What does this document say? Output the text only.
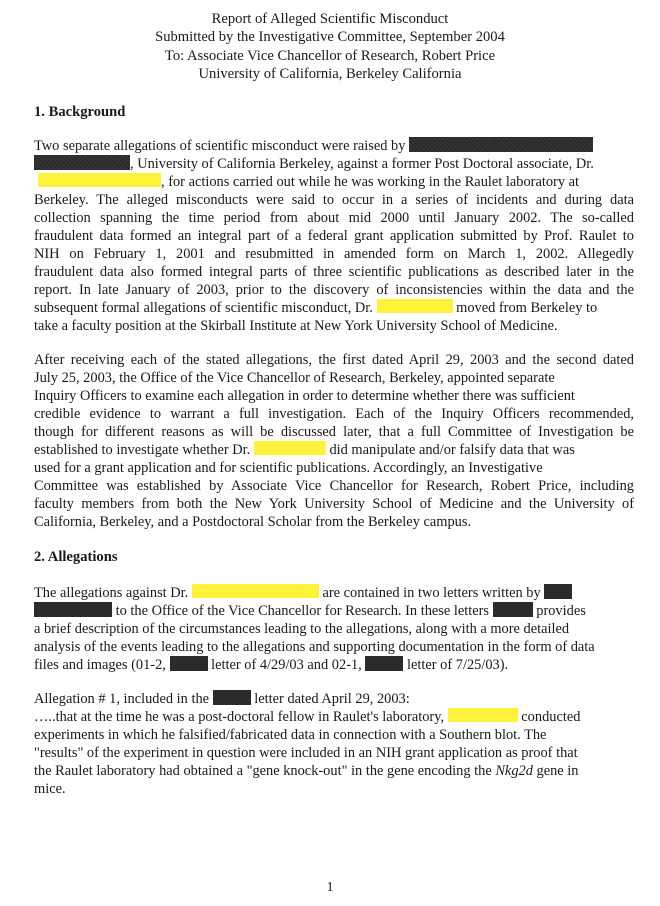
Report of Alleged Scientific Misconduct
Submitted by the Investigative Committee, September 2004
To: Associate Vice Chancellor of Research, Robert Price
University of California, Berkeley California
1. Background
Two separate allegations of scientific misconduct were raised by
, University of California Berkeley, against a former Post Doctoral associate, Dr.
, for actions carried out while he was working in the Raulet laboratory at
Berkeley. The alleged misconducts were said to occur in a series of incidents and during data
collection spanning the time period from about mid 2000 until January 2002. The so-called
fraudulent data formed an integral part of a federal grant application submitted by Prof. Raulet to
NIH on February 1, 2001 and resubmitted in amended form on March 1, 2002. Allegedly
fraudulent data also formed integral parts of three scientific publications as described later in the
report. In late January of 2003, prior to the discovery of inconsistencies within the data and the
subsequent formal allegations of scientific misconduct, Dr.	moved from Berkeley to
take a faculty position at the Skirball Institute at New York University School of Medicine.
After receiving each of the stated allegations, the first dated April 29, 2003 and the second dated
July 25, 2003, the Office of the Vice Chancellor of Research, Berkeley, appointed separate
Inquiry Officers to examine each allegation in order to determine whether there was sufficient
credible evidence to warrant a full investigation. Each of the Inquiry Officers recommended,
though for different reasons as will be discussed later, that a full Committee of Investigation be
established to investigate whether Dr.	did manipulate and/or falsify data that was
used for a grant application and for scientific publications. Accordingly, an Investigative
Committee was established by Associate Vice Chancellor for Research, Robert Price, including
faculty members from both the New York University School of Medicine and the University of
California, Berkeley, and a Postdoctoral Scholar from the Berkeley campus.
2. Allegations
The allegations against Dr.	are contained in two letters written by
to the Office of the Vice Chancellor for Research. In these letters	provides
a brief description of the circumstances leading to the allegations, along with a more detailed
analysis of the events leading to the allegations and supporting documentation in the form of data
files and images (01-2,	letter of 4/29/03 and 02-1,	letter of 7/25/03).
Allegation # 1, included in the	letter dated April 29, 2003:
…..that at the time he was a post-doctoral fellow in Raulet's laboratory,	conducted
experiments in which he falsified/fabricated data in connection with a Southern blot. The
"results" of the experiment in question were included in an NIH grant application as proof that
the Raulet laboratory had obtained a "gene knock-out" in the gene encoding the Nkg2d gene in
mice.
1
